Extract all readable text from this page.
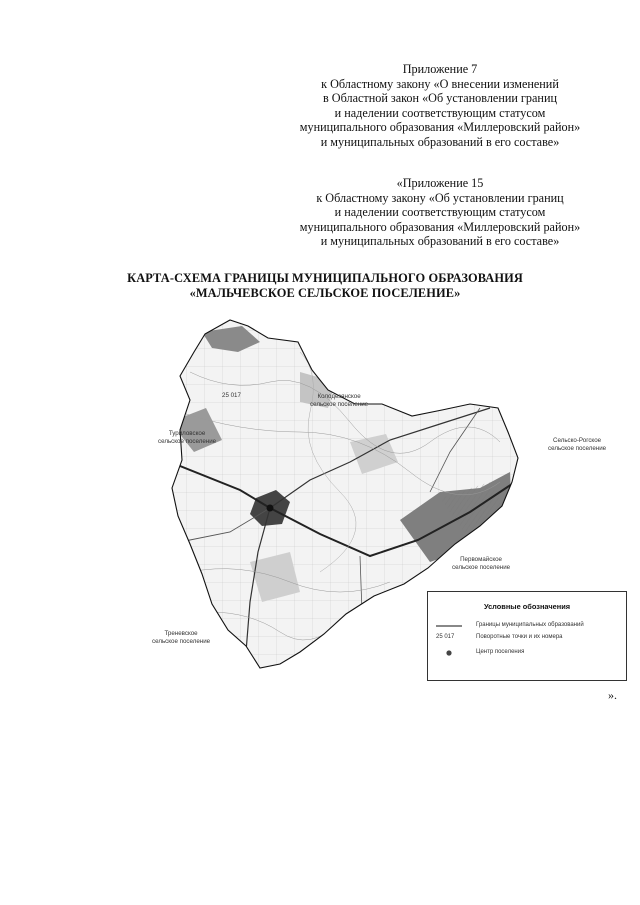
Приложение 7
к Областному закону «О внесении изменений
в Областной закон «Об установлении границ
и наделении соответствующим статусом
муниципального образования «Миллеровский район»
и муниципальных образований в его составе»
«Приложение 15
к Областному закону «Об установлении границ
и наделении соответствующим статусом
муниципального образования «Миллеровский район»
и муниципальных образований в его составе»
КАРТА-СХЕМА ГРАНИЦЫ МУНИЦИПАЛЬНОГО ОБРАЗОВАНИЯ
«МАЛЬЧЕВСКОЕ СЕЛЬСКОЕ ПОСЕЛЕНИЕ»
Колодезянское
сельское поселение
Туриловское
сельское поселение	Сельско-Рогское
сельское поселение
Первомайское
сельское поселение
Треневское
сельское поселение
25 017
Условные обозначения
Границы муниципальных образований
25 017	Поворотные точки и их номера
Центр поселения
».
